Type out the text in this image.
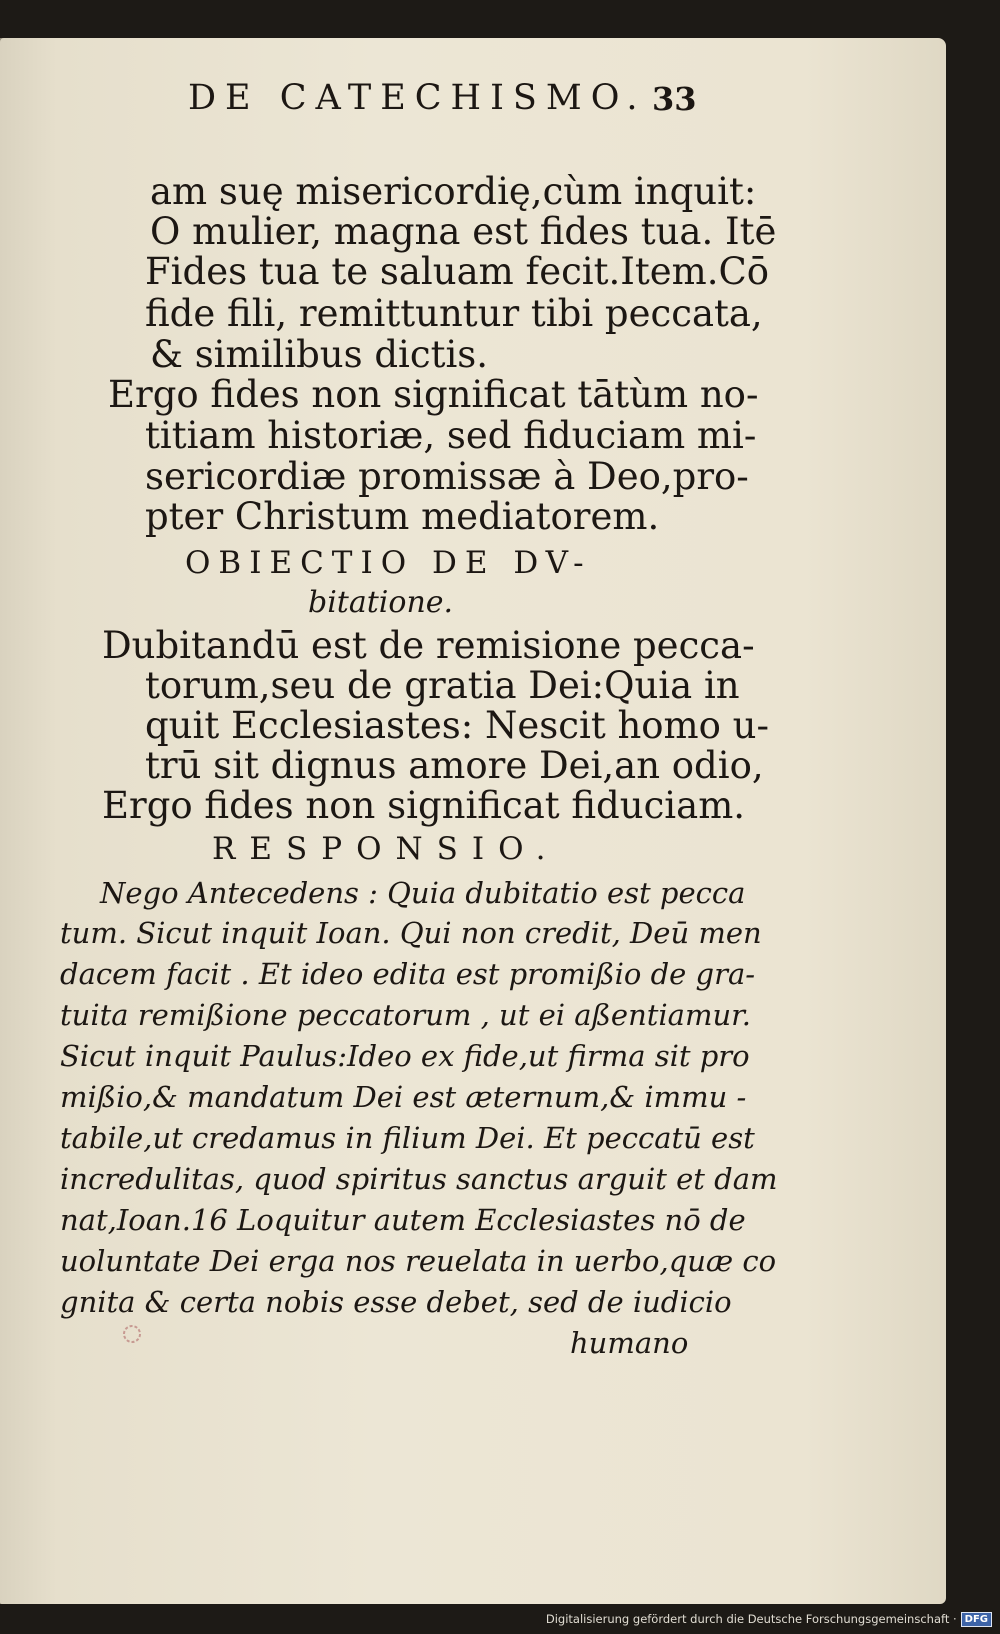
DE CATECHISMO. 33
am suę misericordię,cùm inquit:
O mulier, magna est fides tua. Itē
Fides tua te saluam fecit.Item.Cō
fide fili, remittuntur tibi peccata,
& similibus dictis.
Ergo fides non significat tātùm no-
titiam historiæ, sed fiduciam mi-
sericordiæ promissæ à Deo,pro-
pter Christum mediatorem.
OBIECTIO DE DV-
bitatione.
Dubitandū est de remisione pecca-
torum,seu de gratia Dei:Quia in
quit Ecclesiastes: Nescit homo u-
trū sit dignus amore Dei,an odio,
Ergo fides non significat fiduciam.
RESPONSIO.
Nego Antecedens : Quia dubitatio est pecca
tum. Sicut inquit Ioan. Qui non credit, Deū men
dacem facit . Et ideo edita est promißio de gra-
tuita remißione peccatorum , ut ei aßentiamur.
Sicut inquit Paulus:Ideo ex fide,ut firma sit pro
mißio,& mandatum Dei est æternum,& immu -
tabile,ut credamus in filium Dei. Et peccatū est
incredulitas, quod spiritus sanctus arguit et dam
nat,Ioan.16 Loquitur autem Ecclesiastes nō de
uoluntate Dei erga nos reuelata in uerbo,quæ co
gnita & certa nobis esse debet, sed de iudicio
humano
Digitalisierung gefördert durch die Deutsche Forschungsgemeinschaft · DFG
